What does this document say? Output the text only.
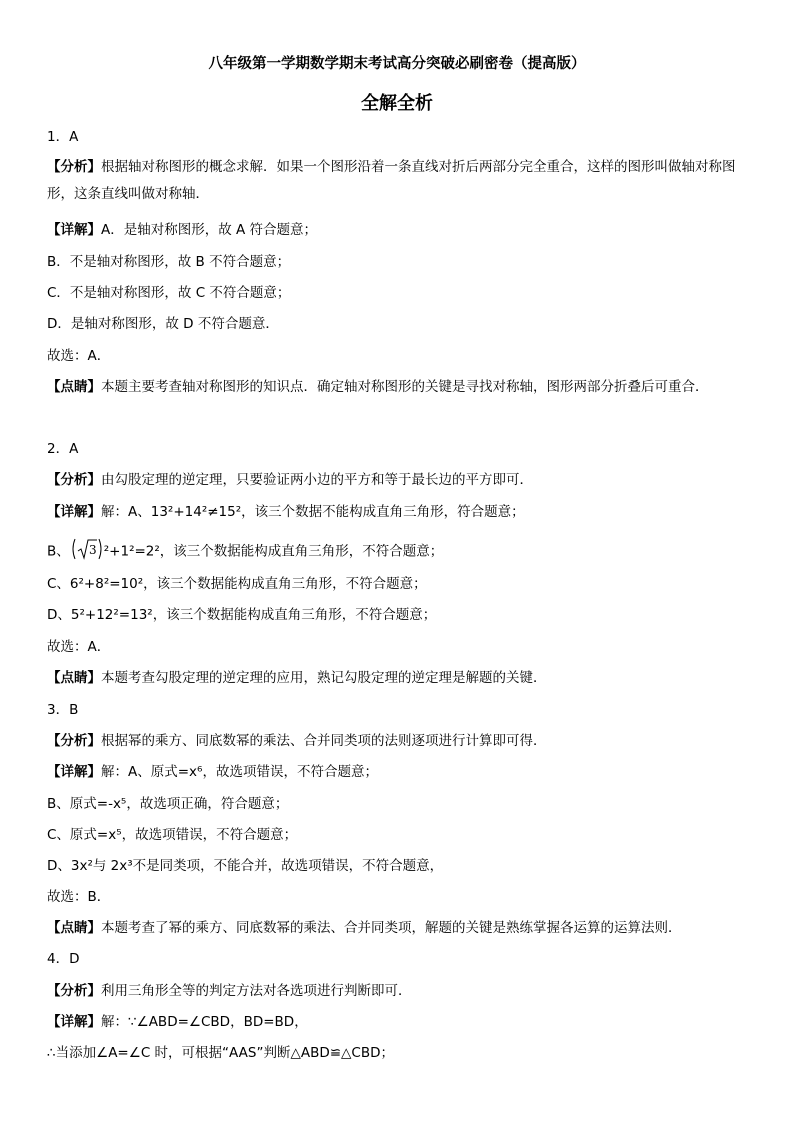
八年级第一学期数学期末考试高分突破必刷密卷（提高版）
全解全析
1．A
【分析】根据轴对称图形的概念求解．如果一个图形沿着一条直线对折后两部分完全重合，这样的图形叫做轴对称图形，这条直线叫做对称轴．
【详解】A．是轴对称图形，故 A 符合题意；
B．不是轴对称图形，故 B 不符合题意；
C．不是轴对称图形，故 C 不符合题意；
D．是轴对称图形，故 D 不符合题意．
故选：A．
【点睛】本题主要考查轴对称图形的知识点．确定轴对称图形的关键是寻找对称轴，图形两部分折叠后可重合．
2．A
【分析】由勾股定理的逆定理，只要验证两小边的平方和等于最长边的平方即可．
【详解】解：A、13²+14²≠15²，该三个数据不能构成直角三角形，符合题意；
B、 3 ²+1²=2²，该三个数据能构成直角三角形，不符合题意；
C、6²+8²=10²，该三个数据能构成直角三角形，不符合题意；
D、5²+12²=13²，该三个数据能构成直角三角形，不符合题意；
故选：A．
【点睛】本题考查勾股定理的逆定理的应用，熟记勾股定理的逆定理是解题的关键．
3．B
【分析】根据幂的乘方、同底数幂的乘法、合并同类项的法则逐项进行计算即可得．
【详解】解：A、原式=x⁶，故选项错误，不符合题意；
B、原式=-x⁵，故选项正确，符合题意；
C、原式=x⁵，故选项错误，不符合题意；
D、3x²与 2x³不是同类项，不能合并，故选项错误，不符合题意，
故选：B．
【点睛】本题考查了幂的乘方、同底数幂的乘法、合并同类项，解题的关键是熟练掌握各运算的运算法则．
4．D
【分析】利用三角形全等的判定方法对各选项进行判断即可．
【详解】解：∵∠ABD=∠CBD，BD=BD，
∴当添加∠A=∠C 时，可根据“AAS”判断△ABD≌△CBD；
